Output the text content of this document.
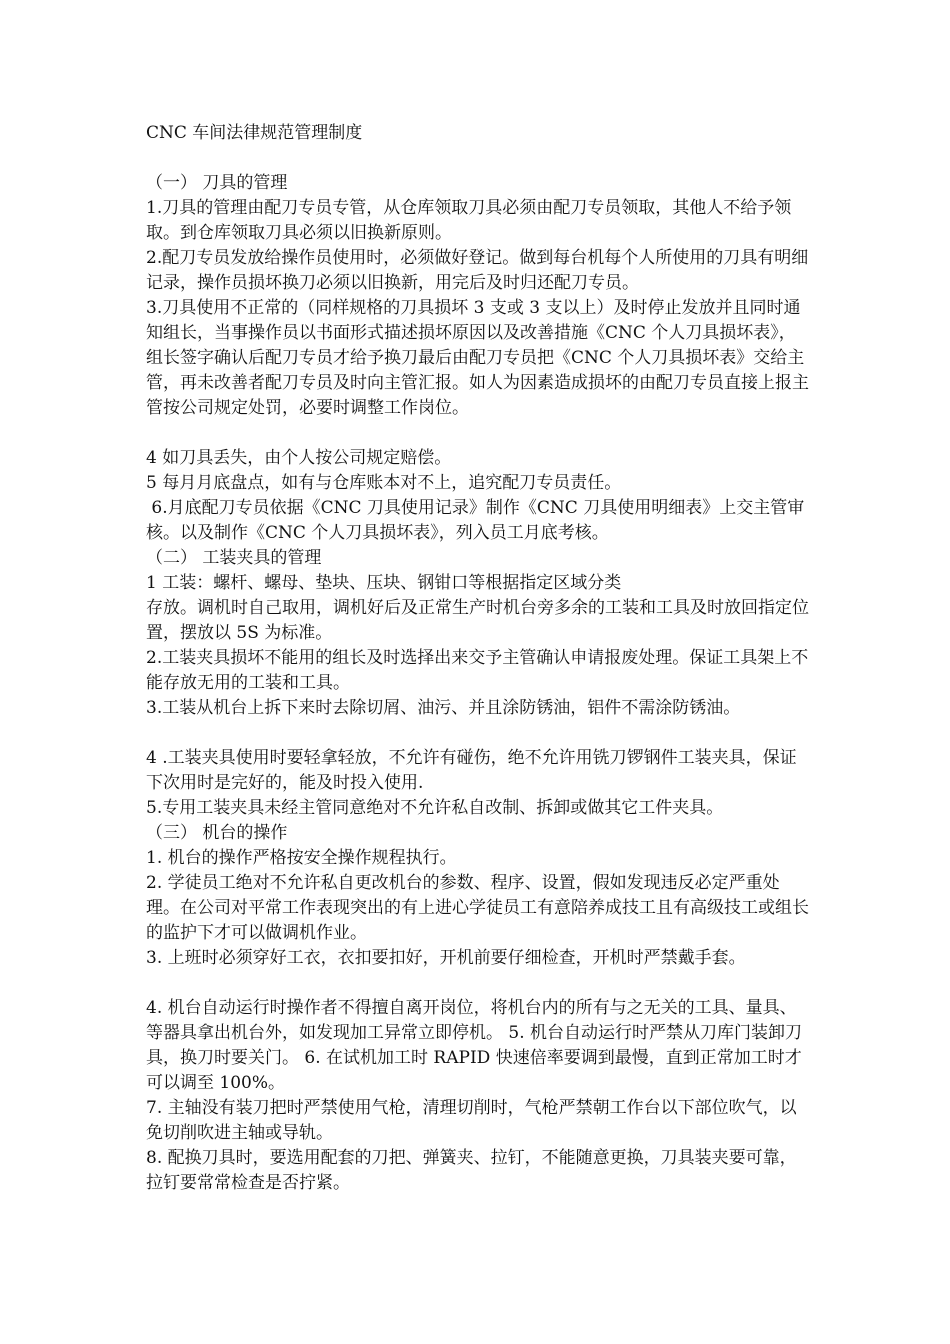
CNC 车间法律规范管理制度

（一） 刀具的管理

1.刀具的管理由配刀专员专管，从仓库领取刀具必须由配刀专员领取，其他人不给予领取。到仓库领取刀具必须以旧换新原则。

2.配刀专员发放给操作员使用时，必须做好登记。做到每台机每个人所使用的刀具有明细记录，操作员损坏换刀必须以旧换新，用完后及时归还配刀专员。

3.刀具使用不正常的（同样规格的刀具损坏 3 支或 3 支以上）及时停止发放并且同时通知组长，当事操作员以书面形式描述损坏原因以及改善措施《CNC 个人刀具损坏表》，组长签字确认后配刀专员才给予换刀最后由配刀专员把《CNC 个人刀具损坏表》交给主管，再未改善者配刀专员及时向主管汇报。如人为因素造成损坏的由配刀专员直接上报主管按公司规定处罚，必要时调整工作岗位。

4 如刀具丢失，由个人按公司规定赔偿。

5 每月月底盘点，如有与仓库账本对不上，追究配刀专员责任。

6.月底配刀专员依据《CNC 刀具使用记录》制作《CNC 刀具使用明细表》上交主管审核。以及制作《CNC 个人刀具损坏表》，列入员工月底考核。

（二） 工装夹具的管理

1 工装：螺杆、螺母、垫块、压块、钢钳口等根据指定区域分类

存放。调机时自己取用，调机好后及正常生产时机台旁多余的工装和工具及时放回指定位置，摆放以 5S 为标准。

2.工装夹具损坏不能用的组长及时选择出来交予主管确认申请报废处理。保证工具架上不能存放无用的工装和工具。

3.工装从机台上拆下来时去除切屑、油污、并且涂防锈油，铝件不需涂防锈油。

4 .工装夹具使用时要轻拿轻放，不允许有碰伤，绝不允许用铣刀锣钢件工装夹具，保证下次用时是完好的，能及时投入使用.

5.专用工装夹具未经主管同意绝对不允许私自改制、拆卸或做其它工件夹具。

（三） 机台的操作

1. 机台的操作严格按安全操作规程执行。

2. 学徒员工绝对不允许私自更改机台的参数、程序、设置，假如发现违反必定严重处理。在公司对平常工作表现突出的有上进心学徒员工有意陪养成技工且有高级技工或组长的监护下才可以做调机作业。

3. 上班时必须穿好工衣，衣扣要扣好，开机前要仔细检查，开机时严禁戴手套。

4. 机台自动运行时操作者不得擅自离开岗位，将机台内的所有与之无关的工具、量具、等器具拿出机台外，如发现加工异常立即停机。 5. 机台自动运行时严禁从刀库门装卸刀具，换刀时要关门。 6. 在试机加工时 RAPID 快速倍率要调到最慢，直到正常加工时才可以调至 100%。

7. 主轴没有装刀把时严禁使用气枪，清理切削时，气枪严禁朝工作台以下部位吹气，以免切削吹进主轴或导轨。

8. 配换刀具时，要选用配套的刀把、弹簧夹、拉钉，不能随意更换，刀具装夹要可靠，拉钉要常常检查是否拧紧。
